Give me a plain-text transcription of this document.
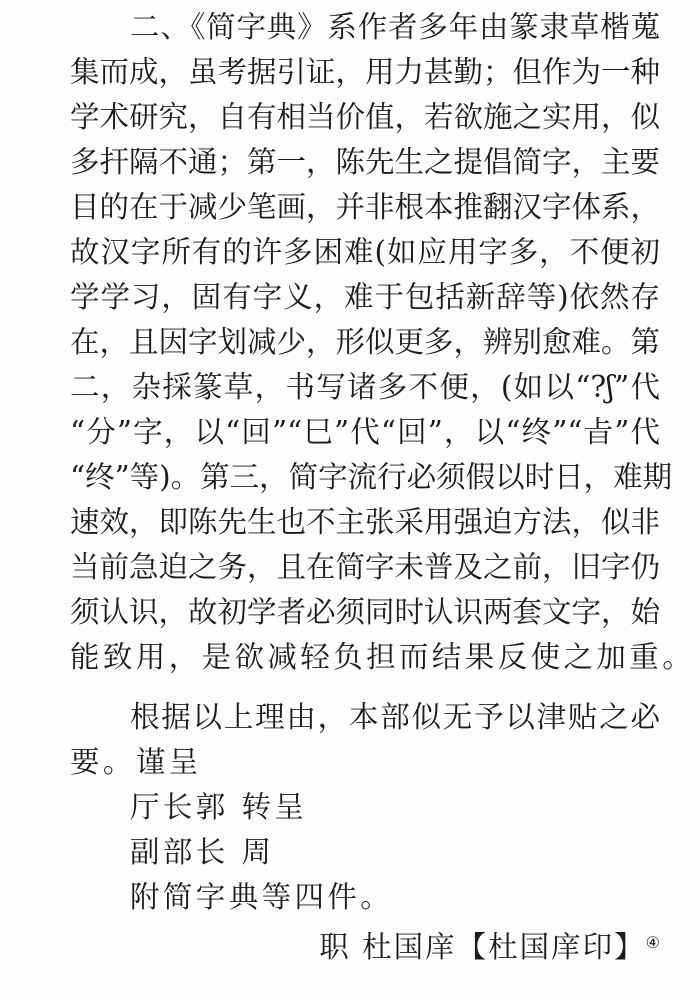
二、《简字典》系作者多年由篆隶草楷蒐
集而成，虽考据引证，用力甚勤；但作为一种
学术研究，自有相当价值，若欲施之实用，似
多扞隔不通；第一，陈先生之提倡简字，主要
目的在于减少笔画，并非根本推翻汉字体系，
故汉字所有的许多困难(如应用字多，不便初
学学习，固有字义，难于包括新辞等)依然存
在，且因字划减少，形似更多，辨别愈难。第
二，杂採篆草，书写诸多不便，(如以“?ʃ”代
“分”字，以“回”“巳”代“回”，以“终”“㫖”代
“终”等)。第三，简字流行必须假以时日，难期
速效，即陈先生也不主张采用强迫方法，似非
当前急迫之务，且在简字未普及之前，旧字仍
须认识，故初学者必须同时认识两套文字，始
能致用，是欲减轻负担而结果反使之加重。
根据以上理由，本部似无予以津贴之必
要。谨呈
厅长郭 转呈
副部长 周
附简字典等四件。
职 杜国庠【杜国庠印】④
